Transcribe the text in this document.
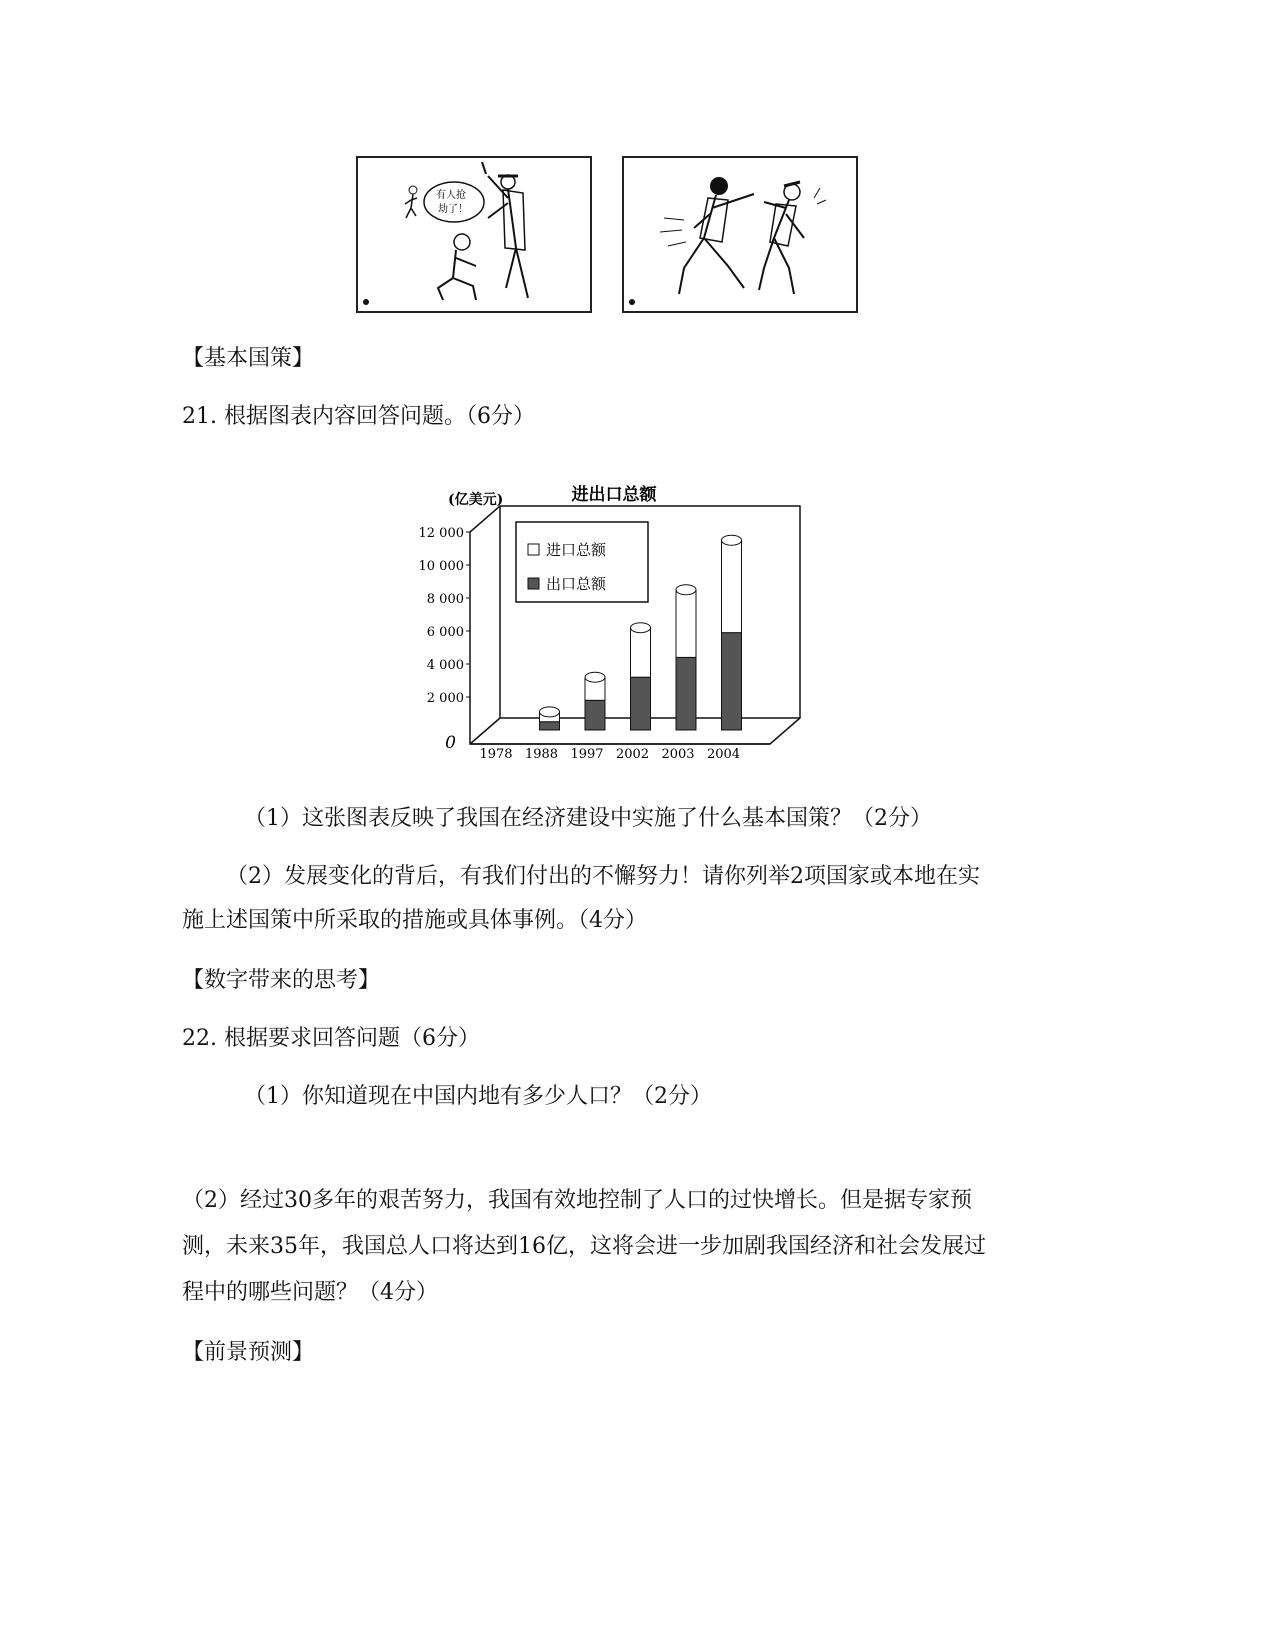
有人抢
劫了！
【基本国策】
21. 根据图表内容回答问题。（6分）
进出口总额
(亿美元)
0
2 000
4 000
6 000
8 000
10 000
12 000
1978 1988 1997 2002 2003 2004
进口总额
出口总额
（1）这张图表反映了我国在经济建设中实施了什么基本国策？（2分）
（2）发展变化的背后，有我们付出的不懈努力！请你列举2项国家或本地在实
施上述国策中所采取的措施或具体事例。（4分）
【数字带来的思考】
22. 根据要求回答问题（6分）
（1）你知道现在中国内地有多少人口？（2分）
（2）经过30多年的艰苦努力，我国有效地控制了人口的过快增长。但是据专家预
测，未来35年，我国总人口将达到16亿，这将会进一步加剧我国经济和社会发展过
程中的哪些问题？（4分）
【前景预测】
